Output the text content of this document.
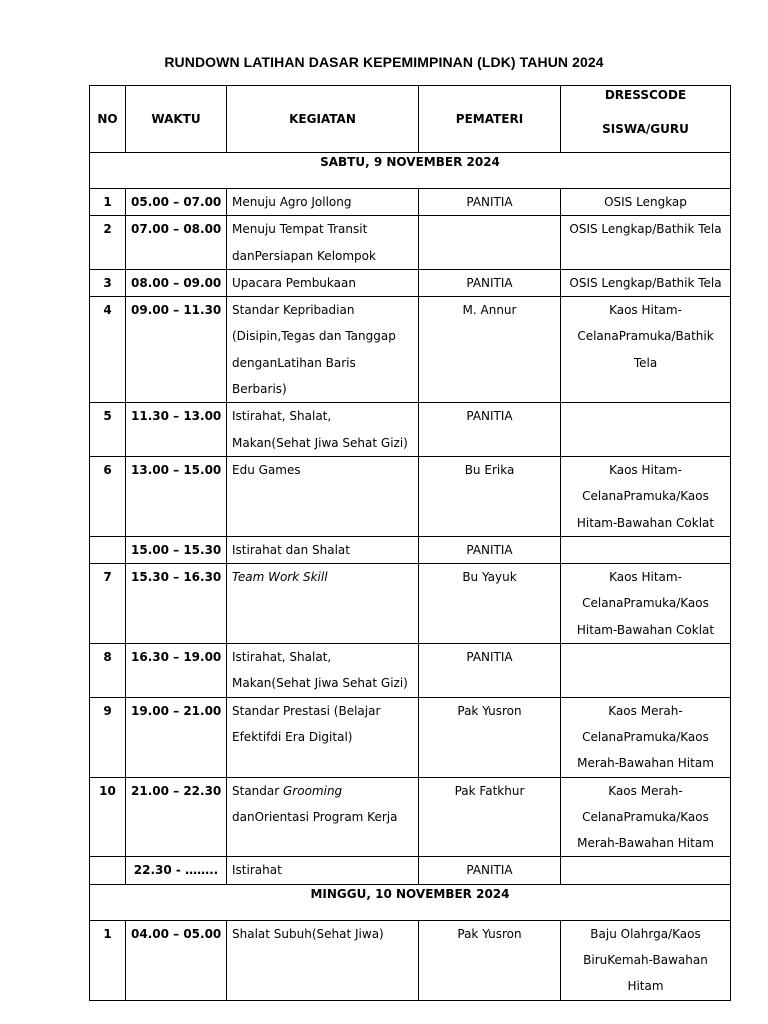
RUNDOWN LATIHAN DASAR KEPEMIMPINAN (LDK) TAHUN 2024
NO	WAKTU	KEGIATAN	PEMATERI	DRESSCODE
SISWA/GURU

SABTU, 9 NOVEMBER 2024				
1	05.00 – 07.00	Menuju Agro Jollong	PANITIA	OSIS Lengkap
2	07.00 – 08.00	Menuju Tempat Transit danPersiapan Kelompok		OSIS Lengkap/Bathik Tela
3	08.00 – 09.00	Upacara Pembukaan	PANITIA	OSIS Lengkap/Bathik Tela
4	09.00 – 11.30	Standar Kepribadian (Disipin,Tegas dan Tanggap denganLatihan Baris Berbaris)	M. Annur	Kaos Hitam-CelanaPramuka/Bathik Tela
5	11.30 – 13.00	Istirahat, Shalat, Makan(Sehat Jiwa Sehat Gizi)	PANITIA	
6	13.00 – 15.00	Edu Games	Bu Erika	Kaos Hitam-CelanaPramuka/Kaos Hitam-Bawahan Coklat
	15.00 – 15.30	Istirahat dan Shalat	PANITIA	
7	15.30 – 16.30	Team Work Skill	Bu Yayuk	Kaos Hitam-CelanaPramuka/Kaos Hitam-Bawahan Coklat
8	16.30 – 19.00	Istirahat, Shalat, Makan(Sehat Jiwa Sehat Gizi)	PANITIA	
9	19.00 – 21.00	Standar Prestasi (Belajar Efektifdi Era Digital)	Pak Yusron	Kaos Merah-CelanaPramuka/Kaos Merah-Bawahan Hitam
10	21.00 – 22.30	Standar Grooming danOrientasi Program Kerja	Pak Fatkhur	Kaos Merah-CelanaPramuka/Kaos Merah-Bawahan Hitam
	22.30 - ……..	Istirahat	PANITIA	
MINGGU, 10 NOVEMBER 2024				
1	04.00 – 05.00	Shalat Subuh(Sehat Jiwa)	Pak Yusron	Baju Olahrga/Kaos BiruKemah-Bawahan Hitam
